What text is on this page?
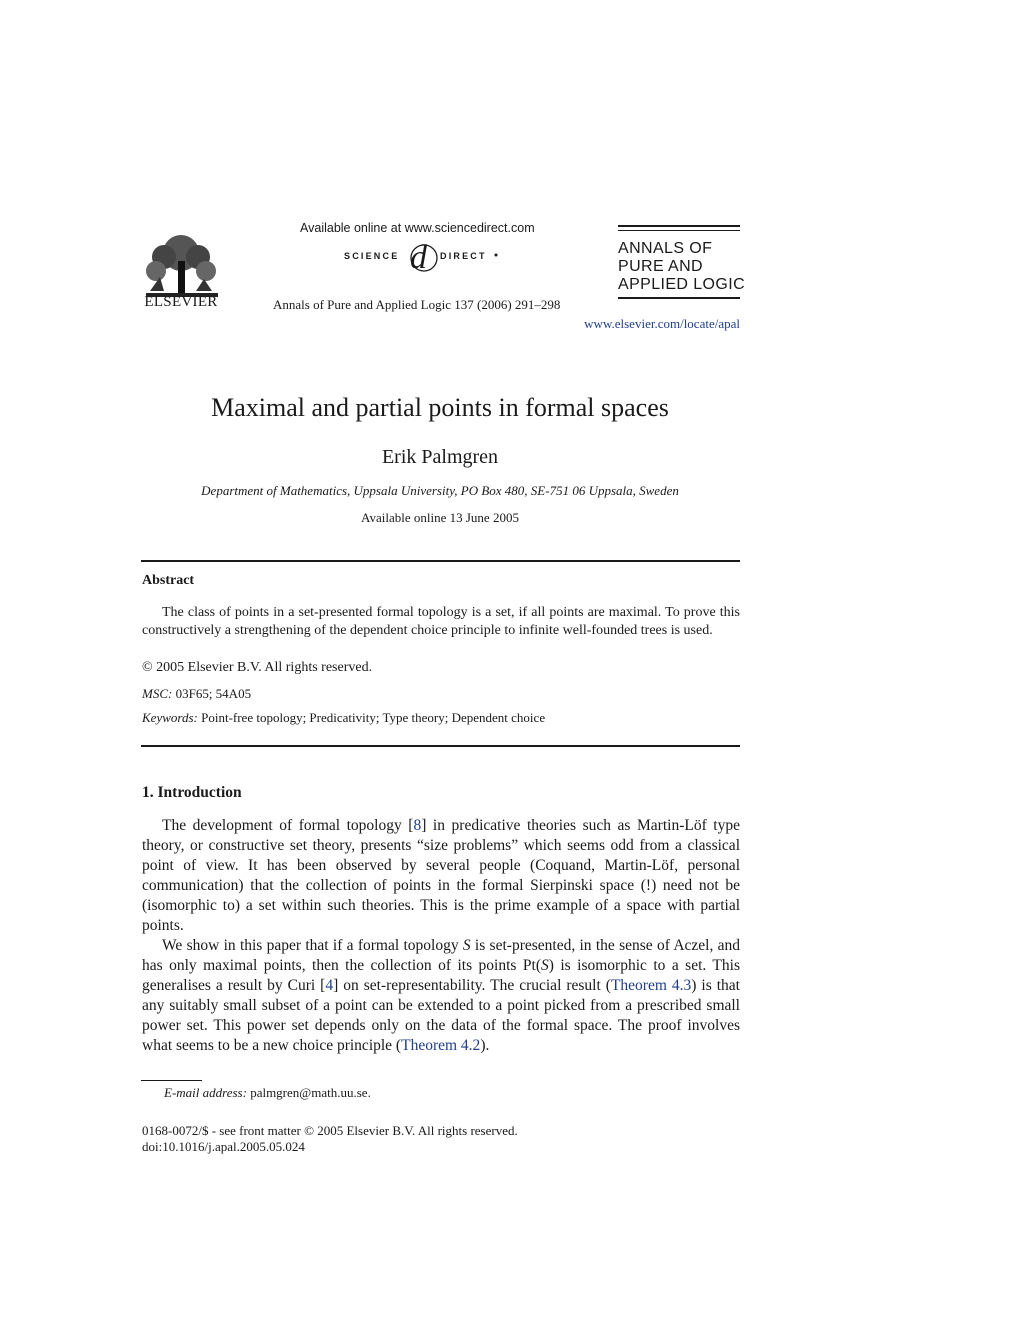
ELSEVIER
Available online at www.sciencedirect.com
SCIENCE d DIRECT
Annals of Pure and Applied Logic 137 (2006) 291–298
ANNALS OF
PURE AND
APPLIED LOGIC
www.elsevier.com/locate/apal
Maximal and partial points in formal spaces
Erik Palmgren
Department of Mathematics, Uppsala University, PO Box 480, SE-751 06 Uppsala, Sweden
Available online 13 June 2005
Abstract
The class of points in a set-presented formal topology is a set, if all points are maximal. To prove this constructively a strengthening of the dependent choice principle to infinite well-founded trees is used.
© 2005 Elsevier B.V. All rights reserved.
MSC: 03F65; 54A05
Keywords: Point-free topology; Predicativity; Type theory; Dependent choice
1. Introduction
The development of formal topology [8] in predicative theories such as Martin-Löf type theory, or constructive set theory, presents “size problems” which seems odd from a classical point of view. It has been observed by several people (Coquand, Martin-Löf, personal communication) that the collection of points in the formal Sierpinski space (!) need not be (isomorphic to) a set within such theories. This is the prime example of a space with partial points.
We show in this paper that if a formal topology S is set-presented, in the sense of Aczel, and has only maximal points, then the collection of its points Pt(S) is isomorphic to a set. This generalises a result by Curi [4] on set-representability. The crucial result (Theorem 4.3) is that any suitably small subset of a point can be extended to a point picked from a prescribed small power set. This power set depends only on the data of the formal space. The proof involves what seems to be a new choice principle (Theorem 4.2).
E-mail address: palmgren@math.uu.se.
0168-0072/$ - see front matter © 2005 Elsevier B.V. All rights reserved.
doi:10.1016/j.apal.2005.05.024
